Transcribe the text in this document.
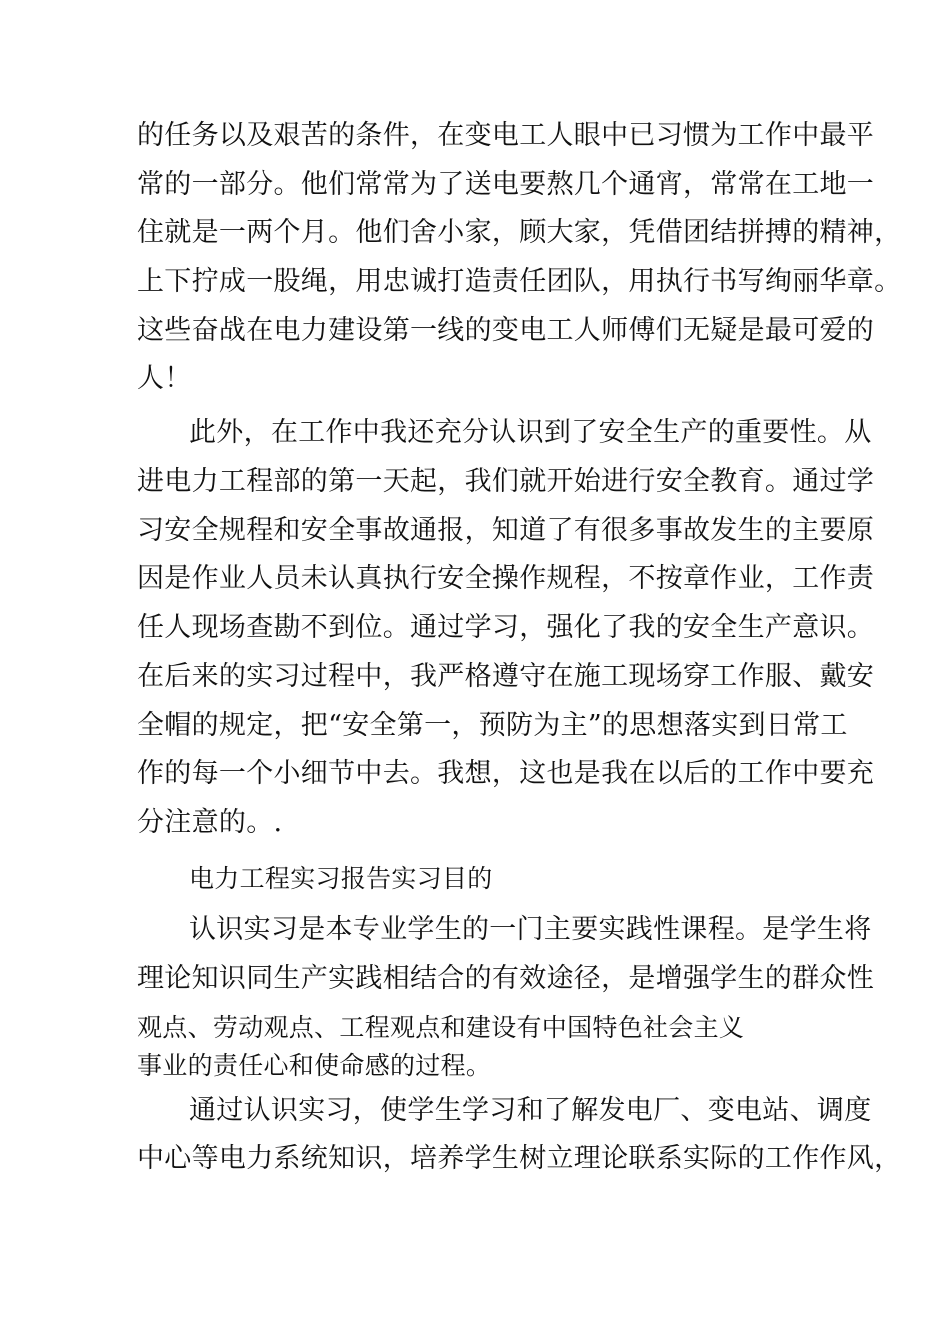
的任务以及艰苦的条件，在变电工人眼中已习惯为工作中最平
常的一部分。他们常常为了送电要熬几个通宵，常常在工地一
住就是一两个月。他们舍小家，顾大家，凭借团结拼搏的精神，
上下拧成一股绳，用忠诚打造责任团队，用执行书写绚丽华章。
这些奋战在电力建设第一线的变电工人师傅们无疑是最可爱的
人！
此外，在工作中我还充分认识到了安全生产的重要性。从
进电力工程部的第一天起，我们就开始进行安全教育。通过学
习安全规程和安全事故通报，知道了有很多事故发生的主要原
因是作业人员未认真执行安全操作规程，不按章作业，工作责
任人现场查勘不到位。通过学习，强化了我的安全生产意识。
在后来的实习过程中，我严格遵守在施工现场穿工作服、戴安
全帽的规定，把“安全第一，预防为主”的思想落实到日常工
作的每一个小细节中去。我想，这也是我在以后的工作中要充
分注意的。.
电力工程实习报告实习目的
认识实习是本专业学生的一门主要实践性课程。是学生将
理论知识同生产实践相结合的有效途径，是增强学生的群众性
观点、劳动观点、工程观点和建设有中国特色社会主义
事业的责任心和使命感的过程。
通过认识实习，使学生学习和了解发电厂、变电站、调度
中心等电力系统知识，培养学生树立理论联系实际的工作作风，
